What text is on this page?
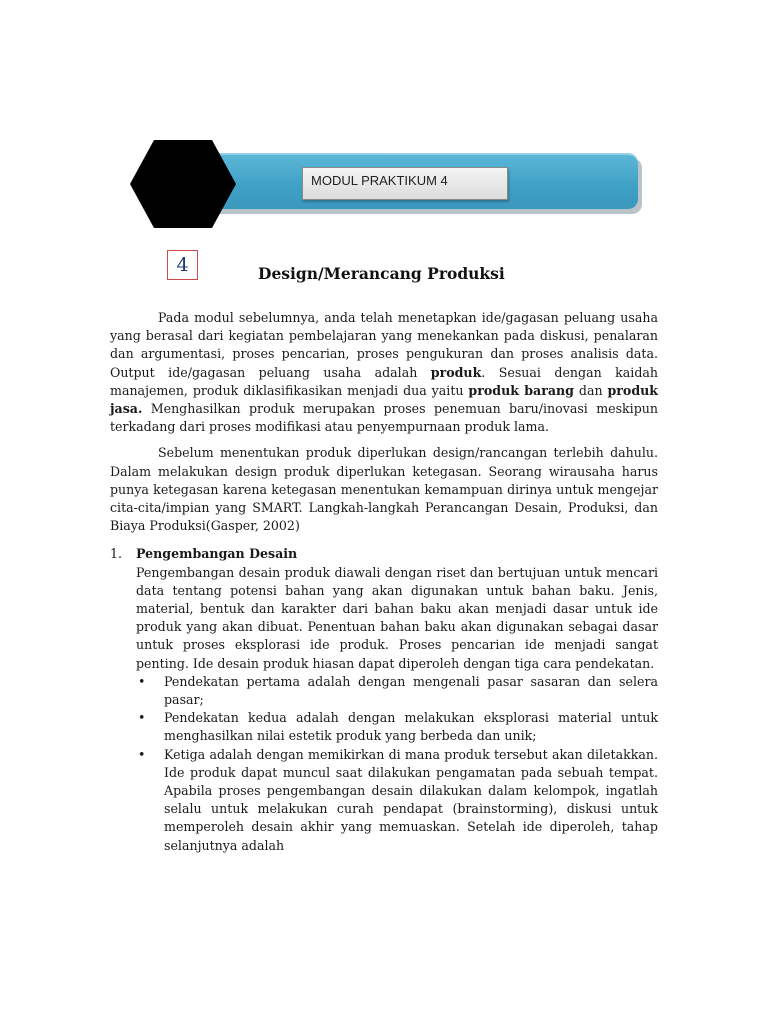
MODUL PRAKTIKUM 4
4	Design/Merancang Produksi

Pada modul sebelumnya, anda telah menetapkan ide/gagasan peluang usaha yang berasal dari kegiatan pembelajaran yang menekankan pada diskusi, penalaran dan argumentasi, proses pencarian, proses pengukuran dan proses analisis data. Output ide/gagasan peluang usaha adalah produk. Sesuai dengan kaidah manajemen, produk diklasifikasikan menjadi dua yaitu produk barang dan produk jasa. Menghasilkan produk merupakan proses penemuan baru/inovasi meskipun terkadang dari proses modifikasi atau penyempurnaan produk lama.

Sebelum menentukan produk diperlukan design/rancangan terlebih dahulu. Dalam melakukan design produk diperlukan ketegasan. Seorang wirausaha harus punya ketegasan karena ketegasan menentukan kemampuan dirinya untuk mengejar cita-cita/impian yang SMART. Langkah-langkah Perancangan Desain, Produksi, dan Biaya Produksi(Gasper, 2002)

1. Pengembangan Desain

Pengembangan desain produk diawali dengan riset dan bertujuan untuk mencari data tentang potensi bahan yang akan digunakan untuk bahan baku. Jenis, material, bentuk dan karakter dari bahan baku akan menjadi dasar untuk ide produk yang akan dibuat. Penentuan bahan baku akan digunakan sebagai dasar untuk proses eksplorasi ide produk. Proses pencarian ide menjadi sangat penting. Ide desain produk hiasan dapat diperoleh dengan tiga cara pendekatan.

• Pendekatan pertama adalah dengan mengenali pasar sasaran dan selera pasar;
• Pendekatan kedua adalah dengan melakukan eksplorasi material untuk menghasilkan nilai estetik produk yang berbeda dan unik;
• Ketiga adalah dengan memikirkan di mana produk tersebut akan diletakkan. Ide produk dapat muncul saat dilakukan pengamatan pada sebuah tempat. Apabila proses pengembangan desain dilakukan dalam kelompok, ingatlah selalu untuk melakukan curah pendapat (brainstorming), diskusi untuk memperoleh desain akhir yang memuaskan. Setelah ide diperoleh, tahap selanjutnya adalah
